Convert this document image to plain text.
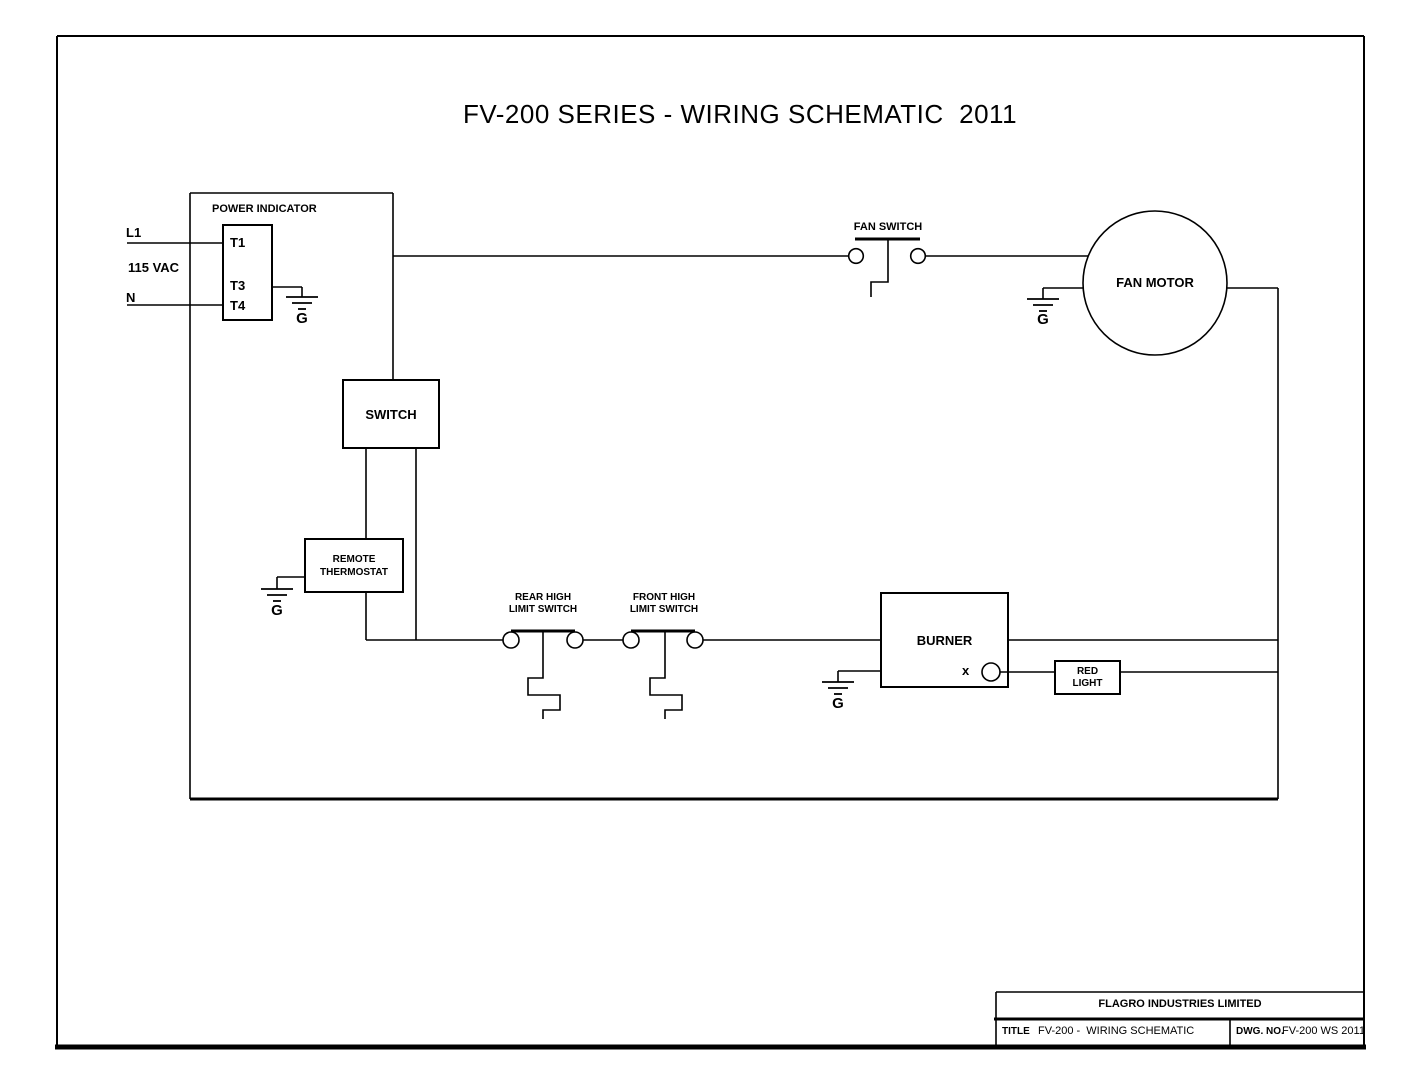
FV-200 SERIES - WIRING SCHEMATIC  2011
POWER INDICATOR
L1
115 VAC
N
T1
T3
T4
FAN SWITCH
FAN MOTOR
SWITCH
REMOTE
THERMOSTAT
REAR HIGH
LIMIT SWITCH
FRONT HIGH
LIMIT SWITCH
BURNER
x	RED
LIGHT
G
G
G
G
FLAGRO INDUSTRIES LIMITED
TITLE FV-200 -  WIRING SCHEMATIC	DWG. NO.
FV-200 WS 2011
